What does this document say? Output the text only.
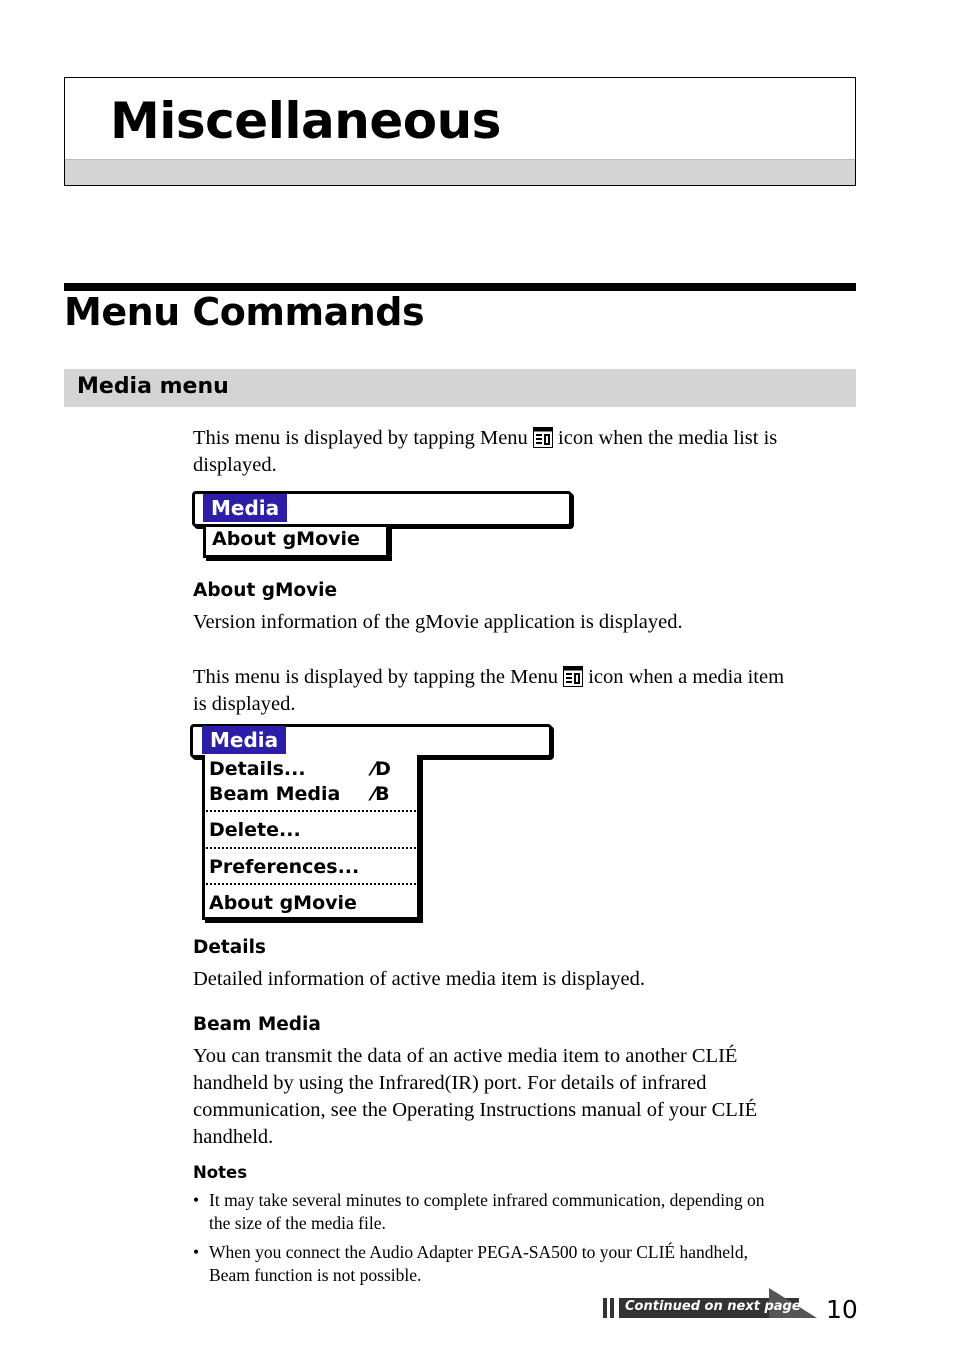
Miscellaneous
Menu Commands
Media menu

This menu is displayed by tapping Menu icon when the media list is
displayed.

Media
About gMovie
About gMovie

Version information of the gMovie application is displayed.

This menu is displayed by tapping the Menu icon when a media item
is displayed.

Media
Details...	⁄D
Beam Media ⁄B
Delete...
Preferences...
About gMovie
Details

Detailed information of active media item is displayed.

Beam Media

You can transmit the data of an active media item to another CLIÉ
handheld by using the Infrared(IR) port. For details of infrared
communication, see the Operating Instructions manual of your CLIÉ
handheld.

Notes

• It may take several minutes to complete infrared communication, depending on
the size of the media file.

• When you connect the Audio Adapter PEGA-SA500 to your CLIÉ handheld,
Beam function is not possible.

Continued on next page 10
